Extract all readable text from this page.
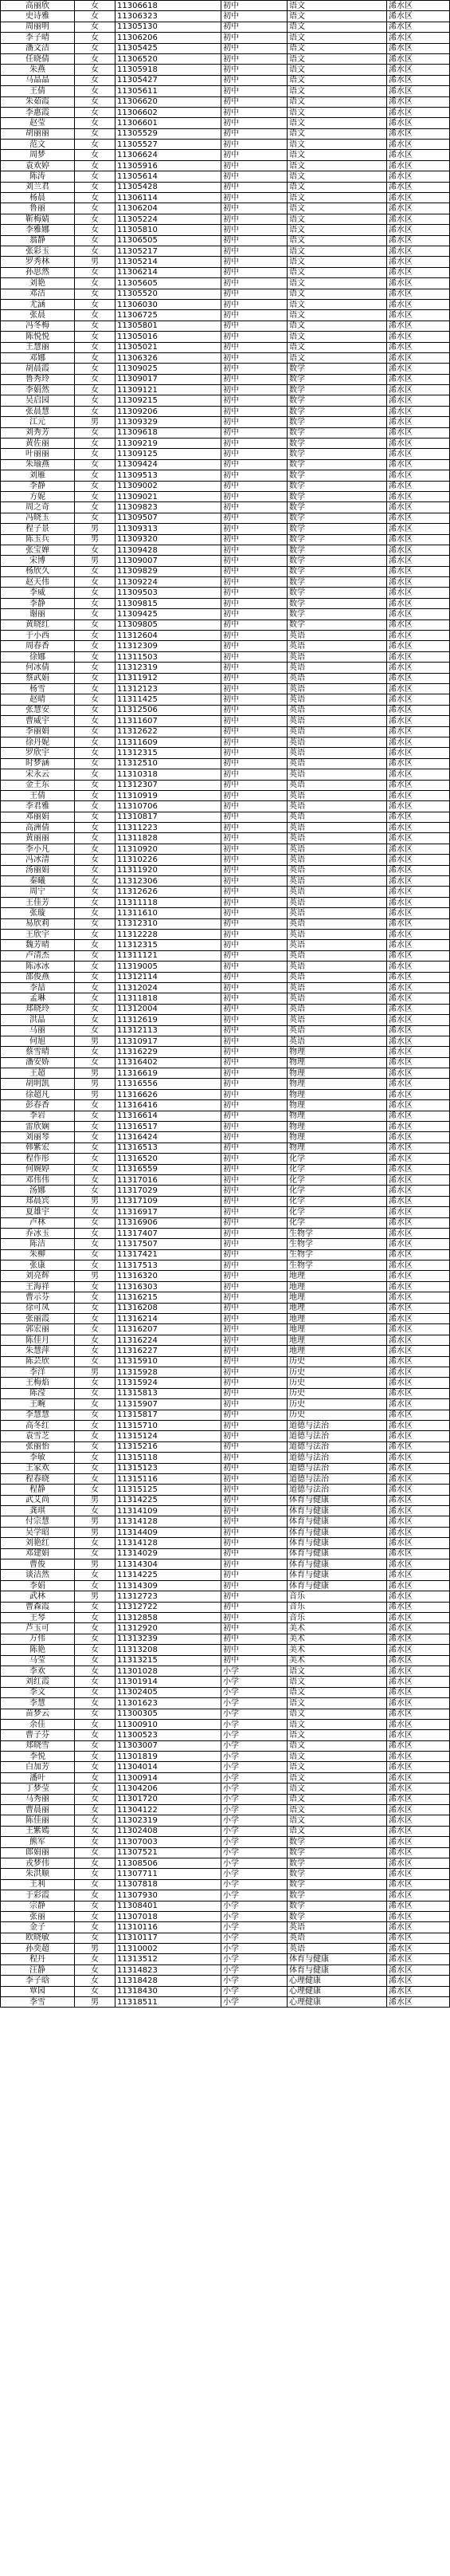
高丽欣	女	11306618	初中	语文	浠水区
史诗雅	女	11306323	初中	语文	浠水区
周丽明	女	11305130	初中	语文	浠水区
李子晴	女	11306206	初中	语文	浠水区
潘文洁	女	11305425	初中	语文	浠水区
任晓倩	女	11306520	初中	语文	浠水区
朱燕	女	11305918	初中	语文	浠水区
马晶晶	女	11305427	初中	语文	浠水区
王倩	女	11305611	初中	语文	浠水区
朱茹霞	女	11306620	初中	语文	浠水区
李惠霞	女	11306602	初中	语文	浠水区
赵莹	女	11306601	初中	语文	浠水区
胡丽丽	女	11305529	初中	语文	浠水区
范文	女	11305527	初中	语文	浠水区
周梦	女	11306624	初中	语文	浠水区
袁欢婷	女	11305916	初中	语文	浠水区
陈涛	女	11305614	初中	语文	浠水区
刘兰君	女	11305428	初中	语文	浠水区
杨晨	女	11306114	初中	语文	浠水区
鲁丽	女	11306204	初中	语文	浠水区
靳梅婧	女	11305224	初中	语文	浠水区
李雅娜	女	11305810	初中	语文	浠水区
翁静	女	11306505	初中	语文	浠水区
张彩玉	女	11305217	初中	语文	浠水区
罗秀林	男	11305214	初中	语文	浠水区
孙思然	女	11306214	初中	语文	浠水区
刘艳	女	11305605	初中	语文	浠水区
邓洁	女	11305520	初中	语文	浠水区
尤涵	女	11306030	初中	语文	浠水区
张晨	女	11306725	初中	语文	浠水区
冯冬梅	女	11305801	初中	语文	浠水区
陈悦悦	女	11305016	初中	语文	浠水区
王慧丽	女	11305021	初中	语文	浠水区
邓娜	女	11306326	初中	语文	浠水区
胡晨霞	女	11309025	初中	数学	浠水区
鲁秀玲	女	11309017	初中	数学	浠水区
李娟然	女	11309121	初中	数学	浠水区
吴启园	女	11309215	初中	数学	浠水区
张晨慧	女	11309206	初中	数学	浠水区
江元	男	11309329	初中	数学	浠水区
刘秀芳	女	11309618	初中	数学	浠水区
黄佐丽	女	11309219	初中	数学	浠水区
叶丽丽	女	11309125	初中	数学	浠水区
朱瑜燕	女	11309424	初中	数学	浠水区
刘雁	女	11309513	初中	数学	浠水区
李静	女	11309002	初中	数学	浠水区
方妮	女	11309021	初中	数学	浠水区
周之奇	女	11309823	初中	数学	浠水区
冯晓玉	女	11309507	初中	数学	浠水区
程子景	男	11309313	初中	数学	浠水区
陈玉兵	男	11309320	初中	数学	浠水区
张宝婵	女	11309428	初中	数学	浠水区
宋博	男	11309007	初中	数学	浠水区
杨欣久	女	11309829	初中	数学	浠水区
赵天伟	女	11309224	初中	数学	浠水区
李威	女	11309503	初中	数学	浠水区
李静	女	11309815	初中	数学	浠水区
谢丽	女	11309425	初中	数学	浠水区
黄晓红	女	11309805	初中	数学	浠水区
于小西	女	11312604	初中	英语	浠水区
周春香	女	11312309	初中	英语	浠水区
徐娜	女	11311503	初中	英语	浠水区
何冰倩	女	11312319	初中	英语	浠水区
蔡武娟	女	11311912	初中	英语	浠水区
杨雪	女	11312123	初中	英语	浠水区
赵晴	女	11311425	初中	英语	浠水区
张慧安	女	11312506	初中	英语	浠水区
曹威宇	女	11311607	初中	英语	浠水区
李丽娟	女	11312622	初中	英语	浠水区
徐丹妮	女	11311609	初中	英语	浠水区
罗欣宇	女	11312315	初中	英语	浠水区
时梦涵	女	11312510	初中	英语	浠水区
宋永云	女	11310318	初中	英语	浠水区
金王东	女	11312307	初中	英语	浠水区
王倩	女	11310919	初中	英语	浠水区
李君雅	女	11310706	初中	英语	浠水区
邓丽娟	女	11310817	初中	英语	浠水区
高洲倩	女	11311223	初中	英语	浠水区
黄丽丽	女	11311828	初中	英语	浠水区
李小凡	女	11310920	初中	英语	浠水区
冯冰清	女	11310226	初中	英语	浠水区
汤丽娟	女	11311920	初中	英语	浠水区
秦曦	女	11312306	初中	英语	浠水区
周宁	女	11312626	初中	英语	浠水区
王佳芳	女	11311118	初中	英语	浠水区
张璇	女	11311610	初中	英语	浠水区
易欣莉	女	11312310	初中	英语	浠水区
王欣宇	女	11312228	初中	英语	浠水区
魏芳晴	女	11312315	初中	英语	浠水区
卢清杰	女	11311121	初中	英语	浠水区
陈冰冰	女	11319005	初中	英语	浠水区
邵俊燕	女	11312114	初中	英语	浠水区
李喆	女	11312024	初中	英语	浠水区
孟琳	女	11311818	初中	英语	浠水区
郑晓玲	女	11312004	初中	英语	浠水区
洪晶	女	11312619	初中	英语	浠水区
马丽	女	11312113	初中	英语	浠水区
何旭	男	11310917	初中	英语	浠水区
蔡雪晴	女	11316229	初中	物理	浠水区
潘安娇	女	11316402	初中	物理	浠水区
王超	男	11316619	初中	物理	浠水区
胡明凯	男	11316556	初中	物理	浠水区
徐超凡	男	11316626	初中	物理	浠水区
彭春香	女	11316416	初中	物理	浠水区
李岩	女	11316614	初中	物理	浠水区
雷欣娴	女	11316517	初中	物理	浠水区
刘丽琴	女	11316424	初中	物理	浠水区
韩紫宏	女	11316513	初中	物理	浠水区
程作彤	女	11316520	初中	化学	浠水区
何婉婷	女	11316559	初中	化学	浠水区
邓伟伟	女	11317016	初中	化学	浠水区
汤娜	女	11317029	初中	化学	浠水区
郑晨宾	男	11317109	初中	化学	浠水区
夏雄宇	女	11316917	初中	化学	浠水区
卢林	女	11316906	初中	化学	浠水区
乔冰玉	女	11317407	初中	生物学	浠水区
陈洁	女	11317507	初中	生物学	浠水区
朱柳	女	11317421	初中	生物学	浠水区
张康	女	11317513	初中	生物学	浠水区
刘亮辉	男	11316320	初中	地理	浠水区
王海祥	女	11316303	初中	地理	浠水区
曹示芬	女	11316215	初中	地理	浠水区
徐可凤	女	11316208	初中	地理	浠水区
张丽霞	女	11316214	初中	地理	浠水区
郭宏丽	女	11316207	初中	地理	浠水区
陈佳月	女	11316224	初中	地理	浠水区
朱慧萍	女	11316227	初中	地理	浠水区
陈芸欣	女	11315910	初中	历史	浠水区
李洋	男	11315928	初中	历史	浠水区
王梅焰	女	11315924	初中	历史	浠水区
陈滢	女	11315813	初中	历史	浠水区
王畹	女	11315907	初中	历史	浠水区
李慧慧	女	11315817	初中	历史	浠水区
高冬红	女	11315710	初中	道德与法治	浠水区
袁雪芝	女	11315124	初中	道德与法治	浠水区
张丽怡	女	11315216	初中	道德与法治	浠水区
李敏	女	11315118	初中	道德与法治	浠水区
王家欢	女	11315123	初中	道德与法治	浠水区
程春晓	女	11315116	初中	道德与法治	浠水区
程静	女	11315125	初中	道德与法治	浠水区
武艾尚	男	11314225	初中	体育与健康	浠水区
龚琪	女	11314109	初中	体育与健康	浠水区
付宗慧	男	11314128	初中	体育与健康	浠水区
吴学昭	男	11314409	初中	体育与健康	浠水区
刘艳红	女	11314128	初中	体育与健康	浠水区
邓建娟	女	11314029	初中	体育与健康	浠水区
曹俊	男	11314304	初中	体育与健康	浠水区
谈洁然	女	11314225	初中	体育与健康	浠水区
李娟	女	11314309	初中	体育与健康	浠水区
武林	男	11312723	初中	音乐	浠水区
曹森霞	女	11312722	初中	音乐	浠水区
王琴	女	11312858	初中	音乐	浠水区
芦玉可	女	11312920	初中	美术	浠水区
万伟	女	11313239	初中	美术	浠水区
陈艳	女	11313208	初中	美术	浠水区
马莹	女	11313215	初中	美术	浠水区
李欢	女	11301028	小学	语文	浠水区
刘红霞	女	11301914	小学	语文	浠水区
李文	女	11302405	小学	语文	浠水区
李慧	女	11301623	小学	语文	浠水区
苗梦云	女	11300305	小学	语文	浠水区
余佳	女	11300910	小学	语文	浠水区
曹子芬	女	11300523	小学	语文	浠水区
郑晓雪	女	11303007	小学	语文	浠水区
李悦	女	11301819	小学	语文	浠水区
白加芳	女	11304014	小学	语文	浠水区
潘叶	女	11300914	小学	语文	浠水区
丁梦莹	女	11304206	小学	语文	浠水区
马秀丽	女	11301720	小学	语文	浠水区
曹晨丽	女	11304122	小学	语文	浠水区
陈佳丽	女	11302319	小学	语文	浠水区
王紫嫣	女	11302408	小学	语文	浠水区
熊军	女	11307003	小学	数学	浠水区
郎娟丽	女	11307521	小学	数学	浠水区
戎梦伟	女	11308506	小学	数学	浠水区
朱洪顺	女	11307711	小学	数学	浠水区
王利	女	11307818	小学	数学	浠水区
于彩霞	女	11307930	小学	数学	浠水区
宗静	女	11308401	小学	数学	浠水区
张丽	女	11307018	小学	数学	浠水区
金子	女	11310116	小学	英语	浠水区
欧晓敏	女	11310117	小学	英语	浠水区
孙奕超	男	11310002	小学	英语	浠水区
程丹	女	11313512	小学	体育与健康	浠水区
汪静	女	11314823	小学	体育与健康	浠水区
李子晗	女	11318428	小学	心理健康	浠水区
覃园	女	11318430	小学	心理健康	浠水区
李雪	男	11318511	小学	心理健康	浠水区
